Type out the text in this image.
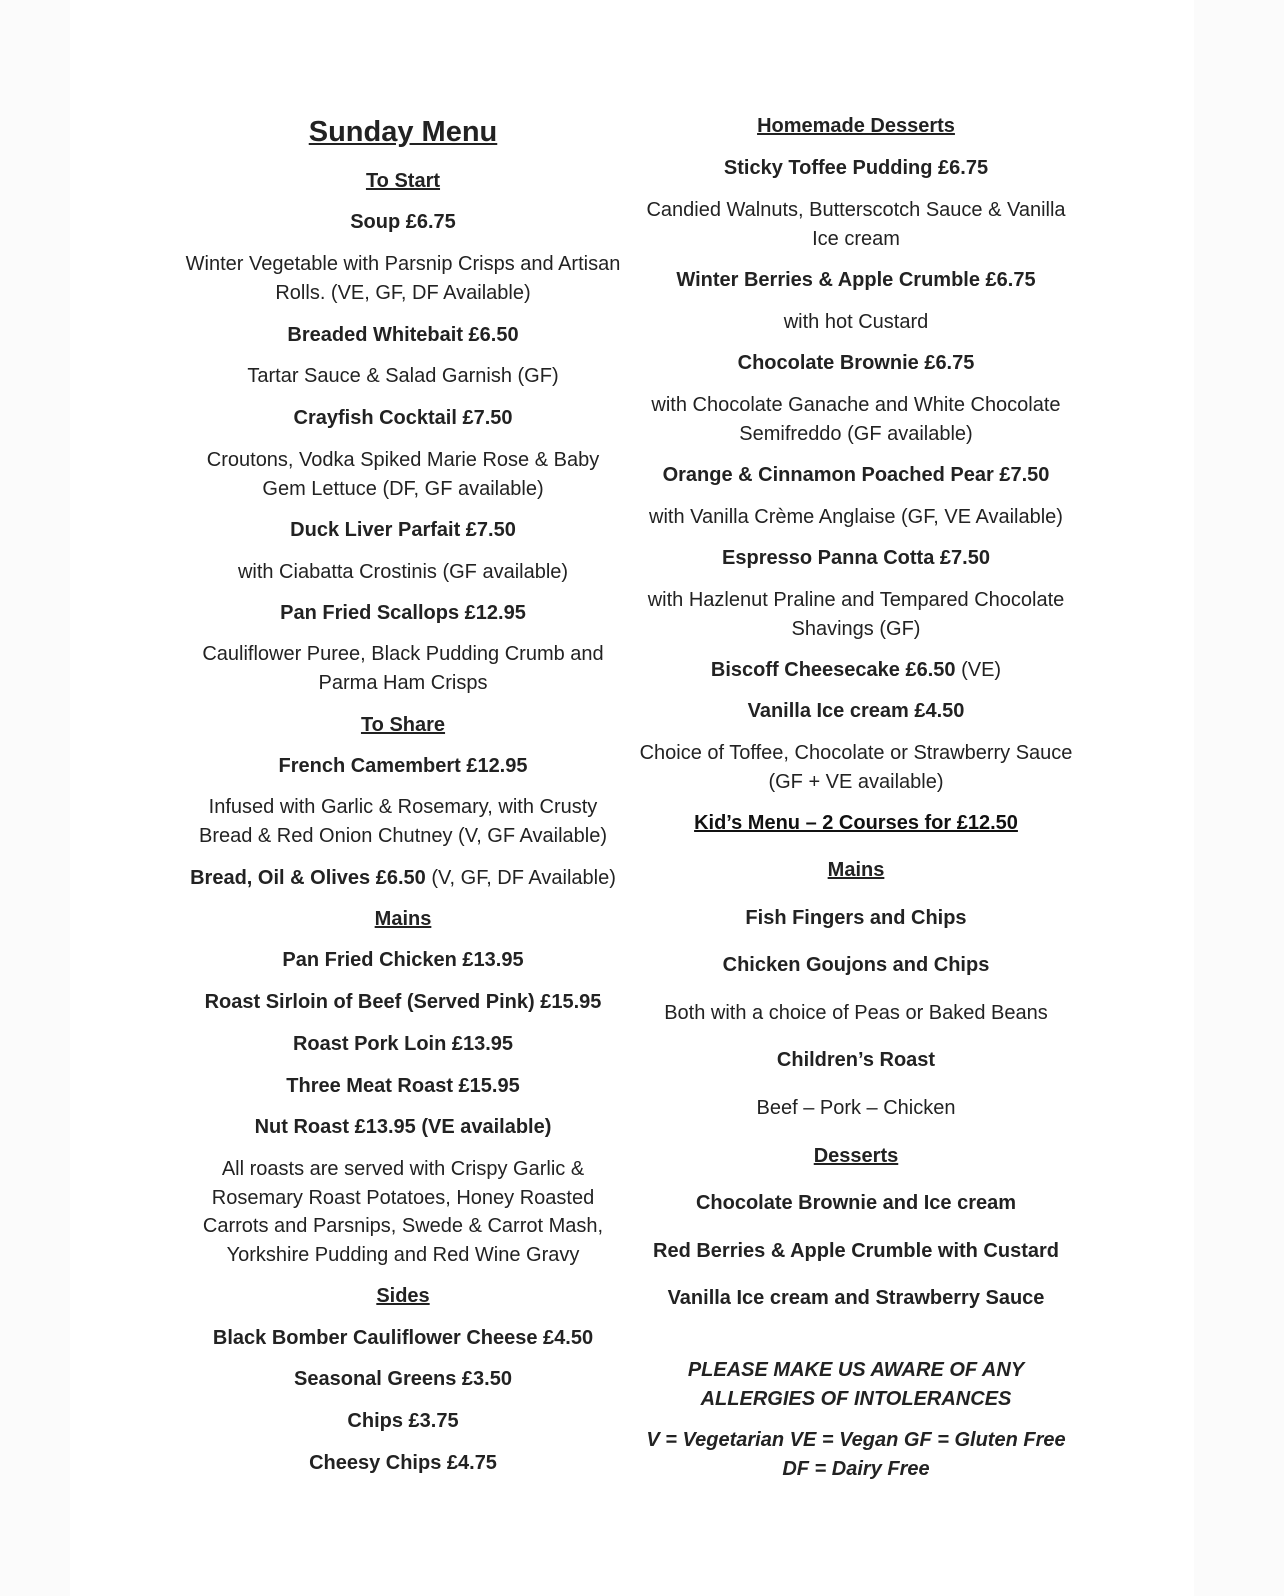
Sunday Menu
To Start
Soup £6.75
Winter Vegetable with Parsnip Crisps and Artisan
Rolls. (VE, GF, DF Available)
Breaded Whitebait £6.50
Tartar Sauce & Salad Garnish (GF)
Crayfish Cocktail £7.50
Croutons, Vodka Spiked Marie Rose & Baby
Gem Lettuce (DF, GF available)
Duck Liver Parfait £7.50
with Ciabatta Crostinis (GF available)
Pan Fried Scallops £12.95
Cauliflower Puree, Black Pudding Crumb and
Parma Ham Crisps
To Share
French Camembert £12.95
Infused with Garlic & Rosemary, with Crusty
Bread & Red Onion Chutney (V, GF Available)
Bread, Oil & Olives £6.50 (V, GF, DF Available)
Mains
Pan Fried Chicken £13.95
Roast Sirloin of Beef (Served Pink) £15.95
Roast Pork Loin £13.95
Three Meat Roast £15.95
Nut Roast £13.95 (VE available)
All roasts are served with Crispy Garlic &
Rosemary Roast Potatoes, Honey Roasted
Carrots and Parsnips, Swede & Carrot Mash,
Yorkshire Pudding and Red Wine Gravy
Sides
Black Bomber Cauliflower Cheese £4.50
Seasonal Greens £3.50
Chips £3.75
Cheesy Chips £4.75
Homemade Desserts
Sticky Toffee Pudding £6.75
Candied Walnuts, Butterscotch Sauce & Vanilla
Ice cream
Winter Berries & Apple Crumble £6.75
with hot Custard
Chocolate Brownie £6.75
with Chocolate Ganache and White Chocolate
Semifreddo (GF available)
Orange & Cinnamon Poached Pear £7.50
with Vanilla Crème Anglaise (GF, VE Available)
Espresso Panna Cotta £7.50
with Hazlenut Praline and Tempared Chocolate
Shavings (GF)
Biscoff Cheesecake £6.50 (VE)
Vanilla Ice cream £4.50
Choice of Toffee, Chocolate or Strawberry Sauce
(GF + VE available)
Kid’s Menu – 2 Courses for £12.50
Mains
Fish Fingers and Chips
Chicken Goujons and Chips
Both with a choice of Peas or Baked Beans
Children’s Roast
Beef – Pork – Chicken
Desserts
Chocolate Brownie and Ice cream
Red Berries & Apple Crumble with Custard
Vanilla Ice cream and Strawberry Sauce
PLEASE MAKE US AWARE OF ANY
ALLERGIES OF INTOLERANCES
V = Vegetarian VE = Vegan GF = Gluten Free
DF = Dairy Free
